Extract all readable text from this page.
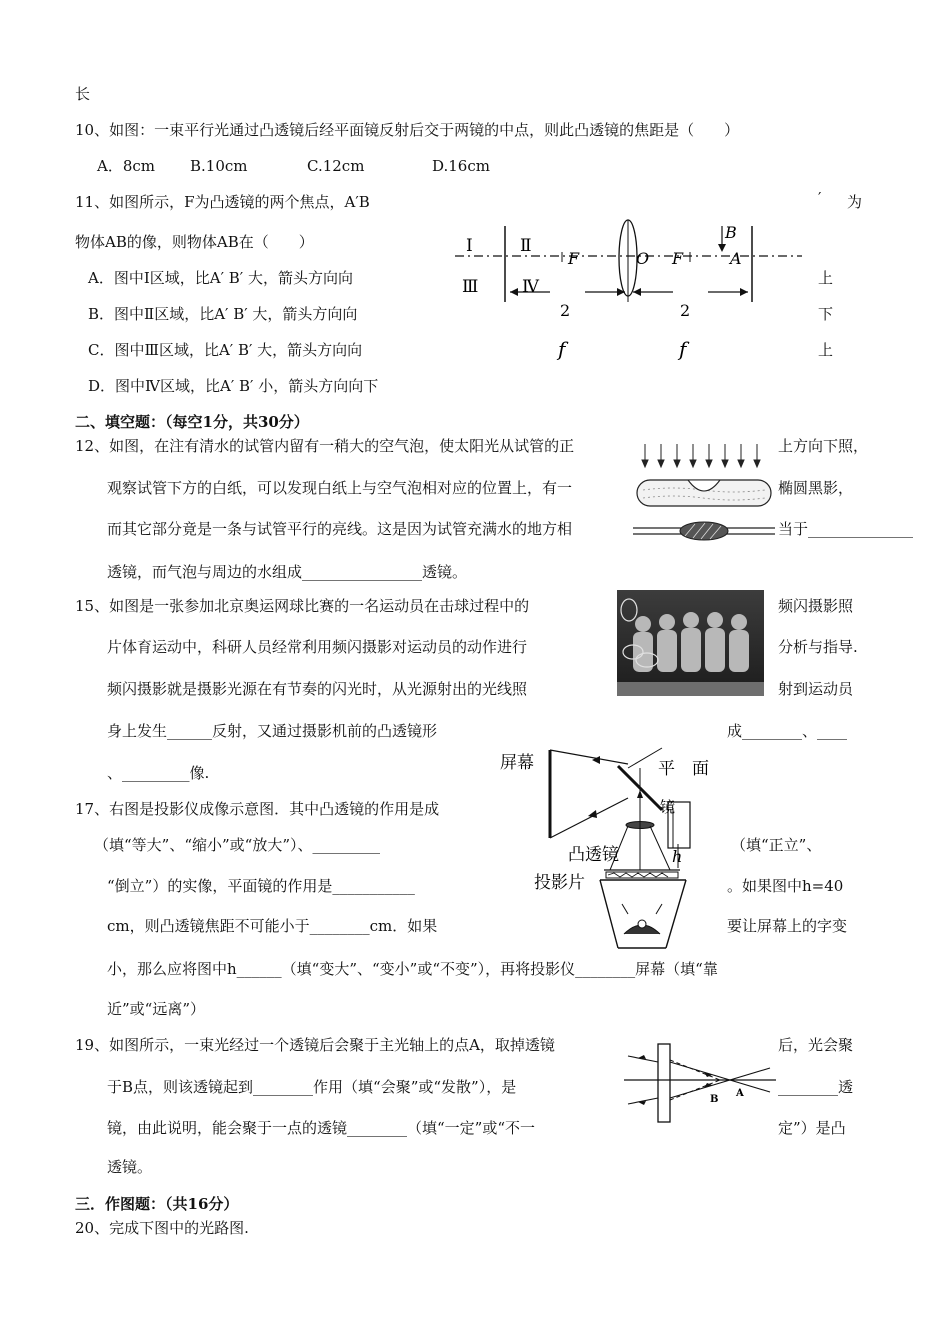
长
10、如图：一束平行光通过凸透镜后经平面镜反射后交于两镜的中点，则此凸透镜的焦距是（　　）
A．8cm B.10cm	C.12cm	D.16cm
11、如图所示，F为凸透镜的两个焦点，A′B	′ 为
物体AB的像，则物体AB在（　　）
A．图中Ⅰ区域，比A′ B′ 大，箭头方向向	上
B．图中Ⅱ区域，比A′ B′ 大，箭头方向向	下
C．图中Ⅲ区域，比A′ B′ 大，箭头方向向	上
D．图中Ⅳ区域，比A′ B′ 小，箭头方向向下
Ⅰ	Ⅱ
Ⅲ	Ⅳ
F	O F
B
A
2	2
f	f
二、填空题：（每空1分，共30分）
12、如图，在注有清水的试管内留有一稍大的空气泡，使太阳光从试管的正	上方向下照，
观察试管下方的白纸，可以发现白纸上与空气泡相对应的位置上，有一	椭圆黑影，
而其它部分竟是一条与试管平行的亮线。这是因为试管充满水的地方相	当于______________
透镜，而气泡与周边的水组成________________透镜。
15、如图是一张参加北京奥运网球比赛的一名运动员在击球过程中的	频闪摄影照
片体育运动中，科研人员经常利用频闪摄影对运动员的动作进行	分析与指导.
频闪摄影就是摄影光源在有节奏的闪光时，从光源射出的光线照	射到运动员
身上发生______反射，又通过摄影机前的凸透镜形	成________、____
、_________像.
17、右图是投影仪成像示意图．其中凸透镜的作用是成
（填“等大”、“缩小”或“放大”）、_________	（填“正立”、
“倒立”）的实像，平面镜的作用是___________	。如果图中h=40
cm，则凸透镜焦距不可能小于________cm．如果	要让屏幕上的字变
小，那么应将图中h______（填“变大”、“变小”或“不变”），再将投影仪________屏幕（填“靠
近”或“远离”）
屏幕	平　面
镜
凸透镜
投影片
h
19、如图所示，一束光经过一个透镜后会聚于主光轴上的点A，取掉透镜	后，光会聚
于B点，则该透镜起到________作用（填“会聚”或“发散”），是	________透
镜，由此说明，能会聚于一点的透镜________（填“一定”或“不一	定”）是凸
透镜。
B
A
三．作图题：（共16分）
20、完成下图中的光路图.
